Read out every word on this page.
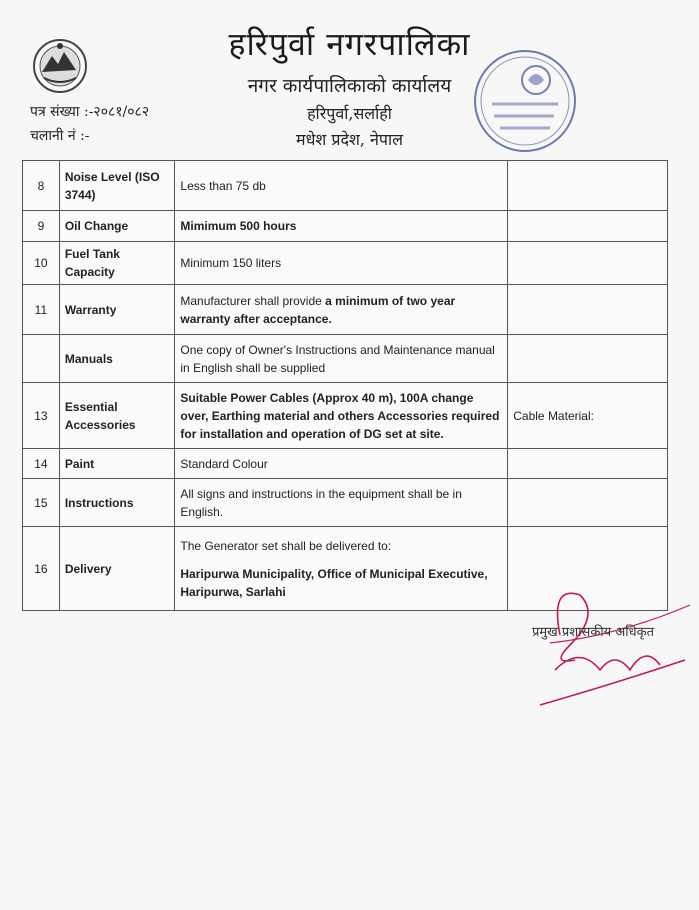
हरिपुर्वा नगरपालिका
नगर कार्यपालिकाको कार्यालय
हरिपुर्वा,सर्लाही
मधेश प्रदेश, नेपाल
पत्र संख्या :-२०८१/०८२
चलानी नं :-
8	Noise Level (ISO 3744)	Less than 75 db	
9	Oil Change	Mimimum 500 hours	
10	Fuel Tank Capacity	Minimum 150 liters	
11	Warranty	Manufacturer shall provide a minimum of two year warranty after acceptance.	
	Manuals	One copy of Owner's Instructions and Maintenance manual in English shall be supplied	
13	Essential Accessories	Suitable Power Cables (Approx 40 m), 100A change over, Earthing material and others Accessories required for installation and operation of DG set at site.	Cable Material:
14	Paint	Standard Colour	
15	Instructions	All signs and instructions in the equipment shall be in English.	
16	Delivery	The Generator set shall be delivered to:
Haripurwa Municipality, Office of Municipal Executive, Haripurwa, Sarlahi	

प्रमुख प्रशासकीय अधिकृत
